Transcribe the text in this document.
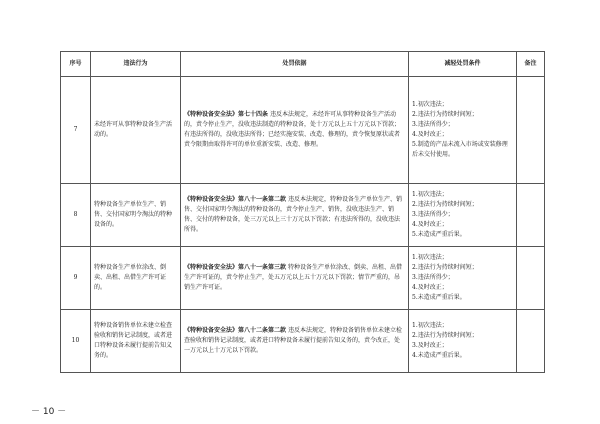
序号	违法行为	处罚依据	减轻处罚条件	备注
7	未经许可从事特种设备生产活动的。	《特种设备安全法》第七十四条 违反本法规定，未经许可从事特种设备生产活动的，责令停止生产，没收违法制造的特种设备，处十万元以上五十万元以下罚款；有违法所得的，没收违法所得；已经实施安装、改造、修理的，责令恢复原状或者责令限期由取得许可的单位重新安装、改造、修理。	1.初次违法；
2.违法行为持续时间短；
3.违法所得少；
4.及时改正；
5.制造的产品未流入市场或安装修理后未交付使用。	

8	特种设备生产单位生产、销售、交付国家明令淘汰的特种设备的。	《特种设备安全法》第八十一条第二款 违反本法规定，特种设备生产单位生产、销售、交付国家明令淘汰的特种设备的，责令停止生产、销售，没收违法生产、销售、交付的特种设备，处三万元以上三十万元以下罚款；有违法所得的，没收违法所得。	1.初次违法；
2.违法行为持续时间短；
3.违法所得少；
4.及时改正；
5.未造成严重后果。	

9	特种设备生产单位涂改、倒卖、出租、出借生产许可证的。	《特种设备安全法》第八十一条第三款 特种设备生产单位涂改、倒卖、出租、出借生产许可证的，责令停止生产，处五万元以上五十万元以下罚款；情节严重的，吊销生产许可证。	1.初次违法；
2.违法行为持续时间短；
3.违法所得少；
4.及时改正；
5.未造成严重后果。	

10	特种设备销售单位未建立检查验收和销售记录制度，或者进口特种设备未履行提前告知义务的。	《特种设备安全法》第八十二条第二款 违反本法规定，特种设备销售单位未建立检查验收和销售记录制度，或者进口特种设备未履行提前告知义务的，责令改正，处一万元以上十万元以下罚款。	1.初次违法；
2.违法行为持续时间短；
3.及时改正；
4.未造成严重后果。	

－ 10 －
